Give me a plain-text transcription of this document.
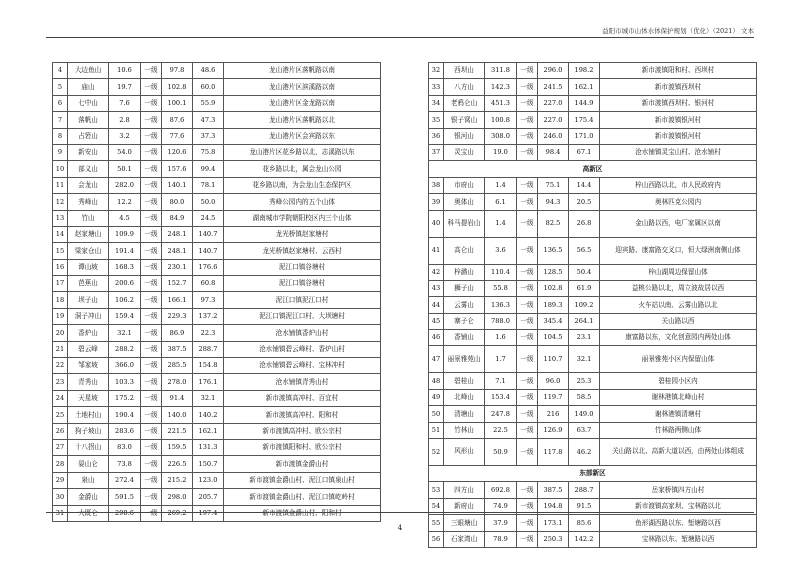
益阳市城市山体水体保护规划（优化）（2021） 文本
4	大边鱼山	10.6	一级	97.8	48.6	龙山港片区落帆路以南
5	庙山	19.7	一级	102.8	60.0	龙山港片区滨溪路以南
6	七中山	7.6	一级	100.1	55.9	龙山港片区金龙路以南
7	落帆山	2.8	一级	87.6	47.3	龙山港片区落帆路以北
8	占箬山	3.2	一级	77.6	37.3	龙山港片区会宾路以东
9	新安山	54.0	一级	120.6	75.8	龙山港片区花乡路以北，志溪路以东
10	部义山	50.1	一级	157.6	99.4	花乡路以北，属会龙山公园
11	会龙山	282.0	一级	140.1	78.1	花乡路以南，为会龙山生态保护区
12	秀峰山	12.2	一级	80.0	50.0	秀峰公园内的五个山体
13	竹山	4.5	一级	84.9	24.5	湖南城市学院朝阳校区内三个山体
14	赵家塘山	109.9	一级	248.1	140.7	龙光桥镇赵家塘村
15	梁家仓山	191.4	一级	248.1	140.7	龙光桥镇赵家塘村、云西村
16	谭山坡	168.3	一级	230.1	176.6	泥江口镇谷塘村
17	芭蕉山	200.6	一级	152.7	60.8	泥江口镇谷塘村
18	坝子山	106.2	一级	166.1	97.3	泥江口镇泥江口村
19	洞子冲山	159.4	一级	229.3	137.2	泥江口镇泥江口村、大坝塘村
20	香炉山	32.1	一级	86.9	22.3	沧水铺镇香炉山村
21	碧云峰	288.2	一级	387.5	288.7	沧水铺镇碧云峰村、香炉山村
22	邹家坡	366.0	一级	285.5	154.8	沧水铺镇碧云峰村、宝林冲村
23	青秀山	103.3	一级	278.0	176.1	沧水铺镇青秀山村
24	天星坡	175.2	一级	91.4	32.1	新市渡镇高冲村、百宜村
25	土地村山	190.4	一级	140.0	140.2	新市渡镇高冲村、阳和村
26	狗子坡山	283.6	一级	221.5	162.1	新市渡镇高冲村、欧公宗村
27	十八拐山	83.0	一级	159.5	131.3	新市渡镇阳和村、欧公宗村
28	晏山仑	73.8	一级	226.5	150.7	新市渡镇金爵山村
29	泉山	272.4	一级	215.2	123.0	新市渡镇金爵山村、泥江口镇泉山村
30	金爵山	591.5	一级	298.0	205.7	新市渡镇金爵山村、泥江口镇屹岭村
31	大既仑	298.6	一级	269.2	197.4	新市渡镇金爵山村、阳和村
32	西坝山	311.8	一级	296.0	198.2	新市渡镇阳和村、西坝村
33	八方山	142.3	一级	241.5	162.1	新市渡镇西坝村
34	老鸦仑山	451.3	一级	227.0	144.9	新市渡镇西坝村、银河村
35	银子窝山	100.8	一级	227.0	175.4	新市渡镇银河村
36	银河山	308.0	一级	246.0	171.0	新市渡镇银河村
37	灵宝山	19.0	一级	98.4	67.1	沧水铺镇灵宝山村、沧水铺村
高新区						
38	市府山	1.4	一级	75.1	14.4	梓山西路以北，市人民政府内
39	奥体山	6.1	一级	94.3	20.5	奥林匹克公园内
40	科马提岩山	1.4	一级	82.5	26.8	金山路以西，电厂家属区以南
41	高仑山	3.6	一级	136.5	56.5	迎宾路、康富路交叉口，恒大绿洲南侧山体
42	梓潞山	110.4	一级	128.5	50.4	梓山湖周边保留山体
43	狮子山	55.8	一级	102.8	61.9	益桃公路以北，周立波故居以西
44	云雾山	136.3	一级	189.3	109.2	火车站以南、云雾山路以北
45	寨子仑	788.0	一级	345.4	264.1	关山路以西
46	香铺山	1.6	一级	104.5	23.1	康富路以东，文化创意园内两处山体
47	丽景雅苑山	1.7	一级	110.7	32.1	丽景雅苑小区内保留山体
48	碧桂山	7.1	一级	96.0	25.3	碧桂园小区内
49	北峰山	153.4	一级	119.7	58.5	谢林港镇北峰山村
50	清塘山	247.8	一级	216	149.0	谢林港镇清塘村
51	竹林山	22.5	一级	126.9	63.7	竹林路两侧山体
52	风形山	50.9	一级	117.8	46.2	关山路以北、高新大道以西，由两处山体组成
东部新区						
53	四方山	692.8	一级	387.5	288.7	岳家桥镇四方山村
54	新府山	74.9	一级	194.8	91.5	新市渡镇高家坝、宝林路以北
55	三眼塘山	37.9	一级	173.1	85.6	鱼形湖西路以东、堑塘路以西
56	石家湾山	78.9	一级	250.3	142.2	宝林路以东、堑塘路以西
4
